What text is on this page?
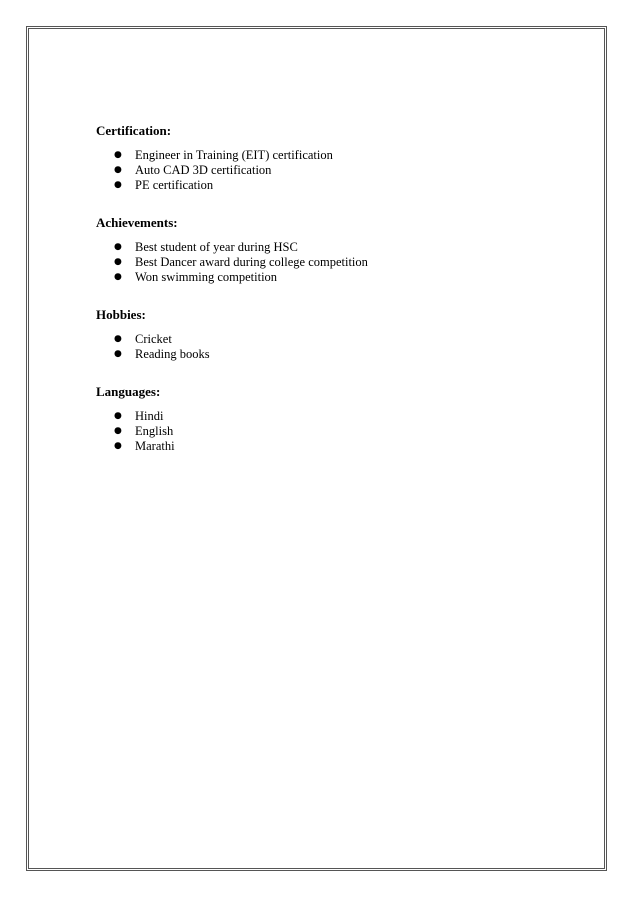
Certification:
● Engineer in Training (EIT) certification
● Auto CAD 3D certification
● PE certification
Achievements:
● Best student of year during HSC
● Best Dancer award during college competition
● Won swimming competition
Hobbies:
● Cricket
● Reading books
Languages:
● Hindi
● English
● Marathi
